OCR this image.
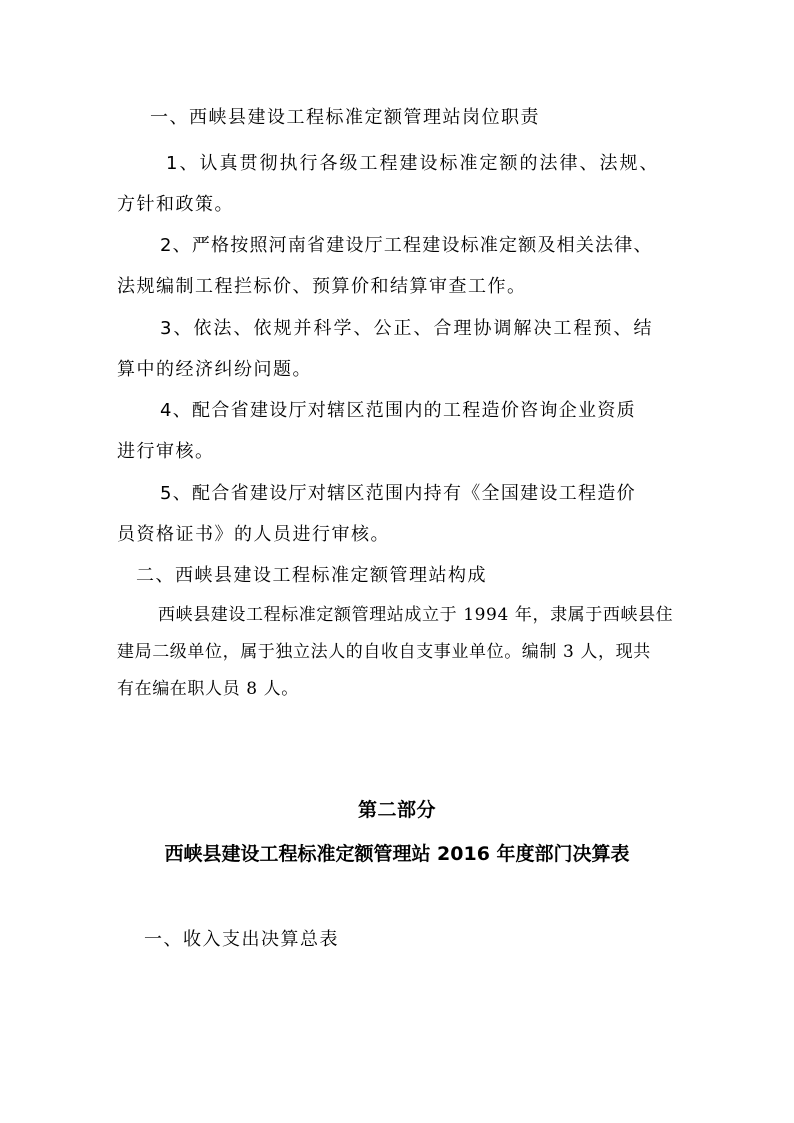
一、西峡县建设工程标准定额管理站岗位职责
1、认真贯彻执行各级工程建设标准定额的法律、法规、
方针和政策。
2、严格按照河南省建设厅工程建设标准定额及相关法律、
法规编制工程拦标价、预算价和结算审查工作。
3、依法、依规并科学、公正、合理协调解决工程预、结
算中的经济纠纷问题。
4、配合省建设厅对辖区范围内的工程造价咨询企业资质
进行审核。
5、配合省建设厅对辖区范围内持有《全国建设工程造价
员资格证书》的人员进行审核。
二、西峡县建设工程标准定额管理站构成
西峡县建设工程标准定额管理站成立于 1994 年，隶属于西峡县住
建局二级单位，属于独立法人的自收自支事业单位。编制 3 人，现共
有在编在职人员 8 人。
第二部分
西峡县建设工程标准定额管理站 2016 年度部门决算表
一、收入支出决算总表
